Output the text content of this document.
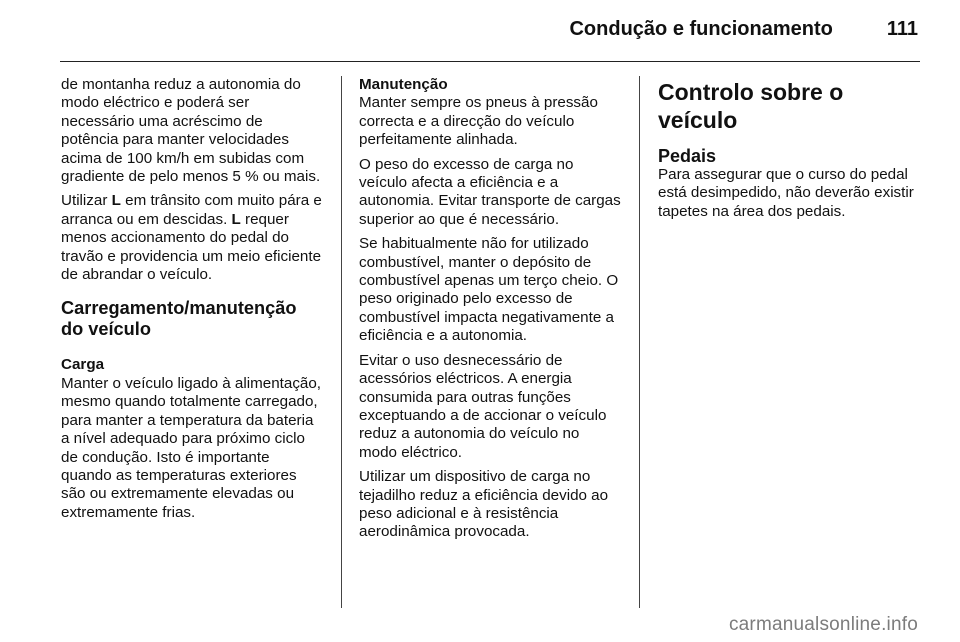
Condução e funcionamento	111

de montanha reduz a autonomia do modo eléctrico e poderá ser necessário uma acréscimo de potência para manter velocidades acima de 100 km/h em subidas com gradiente de pelo menos 5 % ou mais.

Utilizar L em trânsito com muito pára e arranca ou em descidas. L requer menos accionamento do pedal do travão e providencia um meio eficiente de abrandar o veículo.

Carregamento/manutenção do veículo
Carga

Manter o veículo ligado à alimentação, mesmo quando totalmente carregado, para manter a temperatura da bateria a nível adequado para próximo ciclo de condução. Isto é importante quando as temperaturas exteriores são ou extremamente elevadas ou extremamente frias.

Manutenção

Manter sempre os pneus à pressão correcta e a direcção do veículo perfeitamente alinhada.

O peso do excesso de carga no veículo afecta a eficiência e a autonomia. Evitar transporte de cargas superior ao que é necessário.

Se habitualmente não for utilizado combustível, manter o depósito de combustível apenas um terço cheio. O peso originado pelo excesso de combustível impacta negativamente a eficiência e a autonomia.

Evitar o uso desnecessário de acessórios eléctricos. A energia consumida para outras funções exceptuando a de accionar o veículo reduz a autonomia do veículo no modo eléctrico.

Utilizar um dispositivo de carga no tejadilho reduz a eficiência devido ao peso adicional e à resistência aerodinâmica provocada.

Controlo sobre o veículo
Pedais

Para assegurar que o curso do pedal está desimpedido, não deverão existir tapetes na área dos pedais.

carmanualsonline.info
